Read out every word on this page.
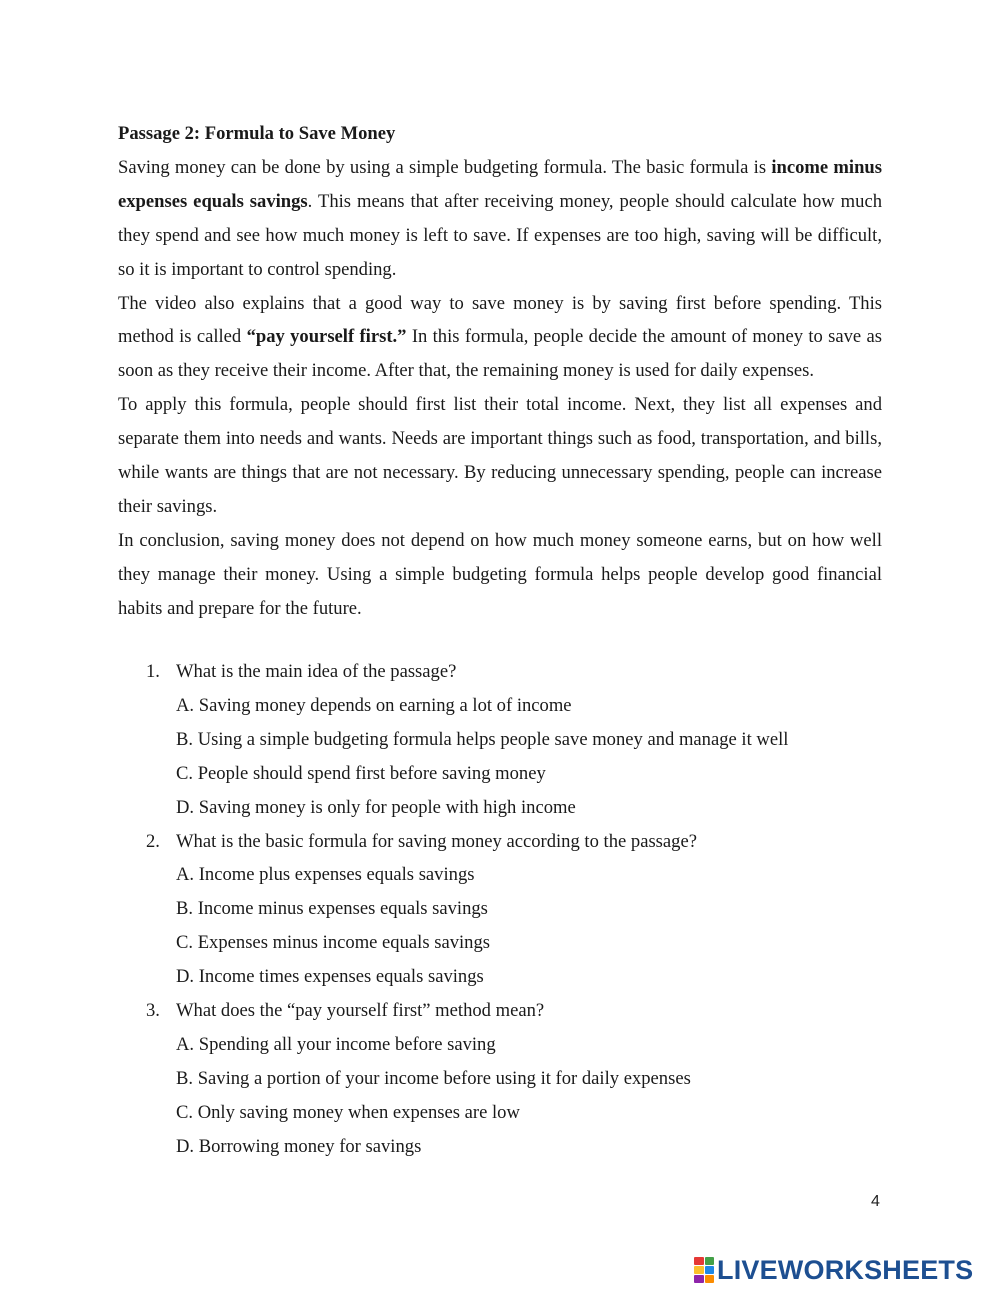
Passage 2: Formula to Save Money

Saving money can be done by using a simple budgeting formula. The basic formula is income minus expenses equals savings. This means that after receiving money, people should calculate how much they spend and see how much money is left to save. If expenses are too high, saving will be difficult, so it is important to control spending.

The video also explains that a good way to save money is by saving first before spending. This method is called “pay yourself first.” In this formula, people decide the amount of money to save as soon as they receive their income. After that, the remaining money is used for daily expenses.

To apply this formula, people should first list their total income. Next, they list all expenses and separate them into needs and wants. Needs are important things such as food, transportation, and bills, while wants are things that are not necessary. By reducing unnecessary spending, people can increase their savings.

In conclusion, saving money does not depend on how much money someone earns, but on how well they manage their money. Using a simple budgeting formula helps people develop good financial habits and prepare for the future.

1. What is the main idea of the passage?
A. Saving money depends on earning a lot of income
B. Using a simple budgeting formula helps people save money and manage it well
C. People should spend first before saving money
D. Saving money is only for people with high income
2. What is the basic formula for saving money according to the passage?
A. Income plus expenses equals savings
B. Income minus expenses equals savings
C. Expenses minus income equals savings
D. Income times expenses equals savings
3. What does the “pay yourself first” method mean?
A. Spending all your income before saving
B. Saving a portion of your income before using it for daily expenses
C. Only saving money when expenses are low
D. Borrowing money for savings
4
LIVEWORKSHEETS
